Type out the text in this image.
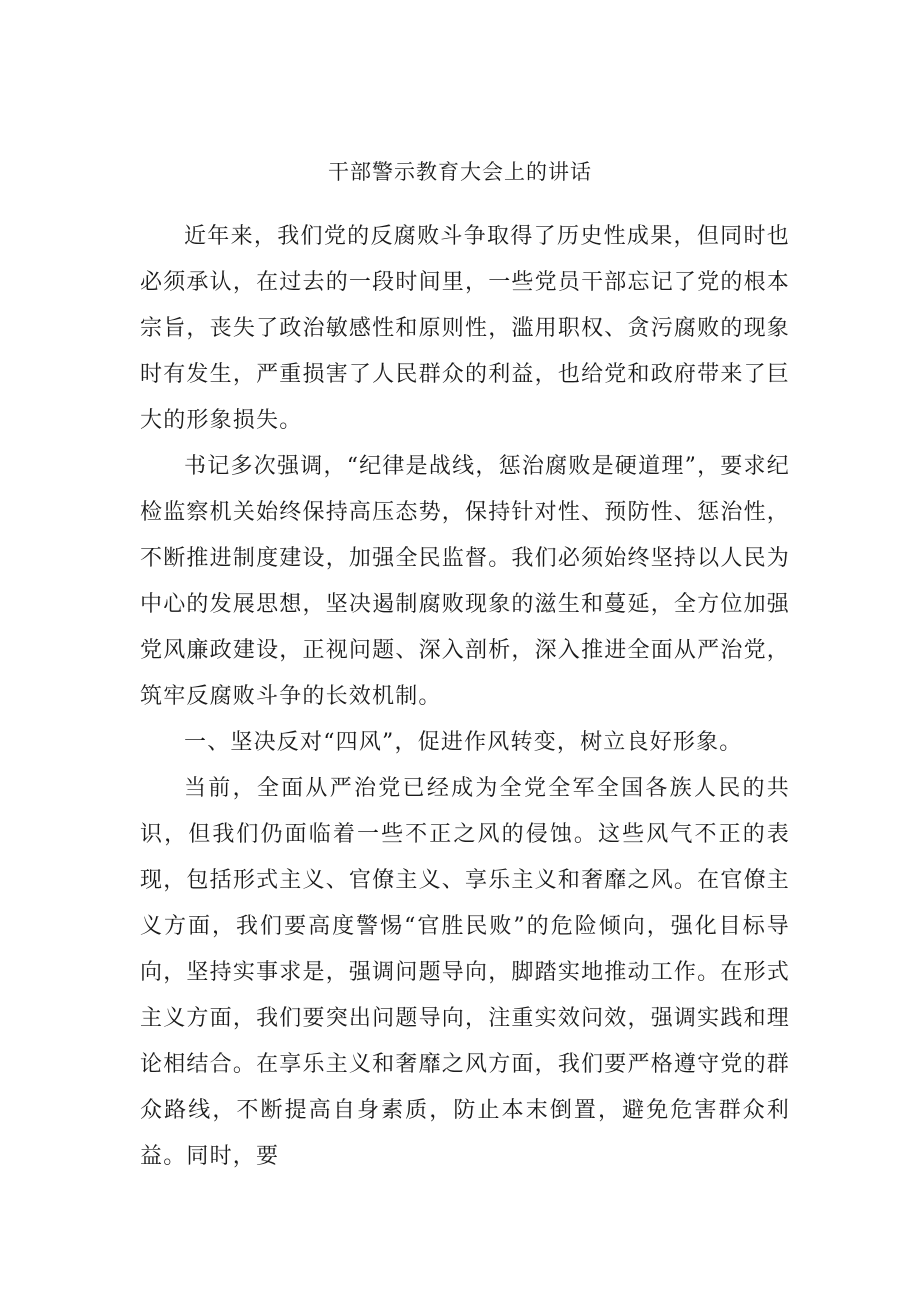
干部警示教育大会上的讲话

近年来，我们党的反腐败斗争取得了历史性成果，但同时也必须承认，在过去的一段时间里，一些党员干部忘记了党的根本宗旨，丧失了政治敏感性和原则性，滥用职权、贪污腐败的现象时有发生，严重损害了人民群众的利益，也给党和政府带来了巨大的形象损失。

书记多次强调，“纪律是战线，惩治腐败是硬道理”，要求纪检监察机关始终保持高压态势，保持针对性、预防性、惩治性，不断推进制度建设，加强全民监督。我们必须始终坚持以人民为中心的发展思想，坚决遏制腐败现象的滋生和蔓延，全方位加强党风廉政建设，正视问题、深入剖析，深入推进全面从严治党，筑牢反腐败斗争的长效机制。

一、坚决反对“四风”，促进作风转变，树立良好形象。

当前，全面从严治党已经成为全党全军全国各族人民的共识，但我们仍面临着一些不正之风的侵蚀。这些风气不正的表现，包括形式主义、官僚主义、享乐主义和奢靡之风。在官僚主义方面，我们要高度警惕“官胜民败”的危险倾向，强化目标导向，坚持实事求是，强调问题导向，脚踏实地推动工作。在形式主义方面，我们要突出问题导向，注重实效问效，强调实践和理论相结合。在享乐主义和奢靡之风方面，我们要严格遵守党的群众路线，不断提高自身素质，防止本末倒置，避免危害群众利益。同时，要
